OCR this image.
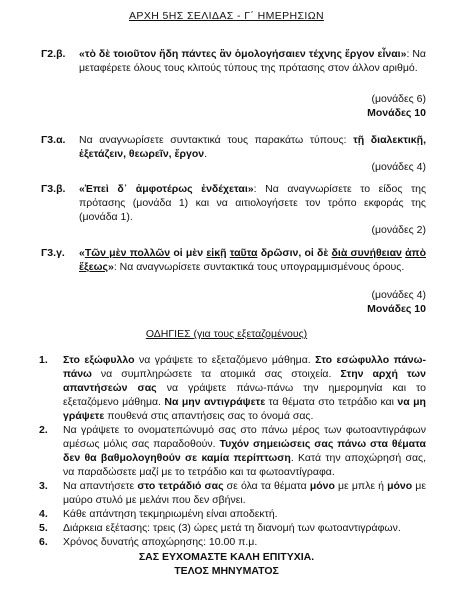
ΑΡΧΗ 5ΗΣ ΣΕΛΙΔΑΣ - Γ΄ ΗΜΕΡΗΣΙΩΝ
Γ2.β. «τὸ δὲ τοιοῦτον ἤδη πάντες ἂν ὁμολογήσαιεν τέχνης ἔργον εἶναι»: Να μεταφέρετε όλους τους κλιτούς τύπους της πρότασης στον άλλον αριθμό.
(μονάδες 6)
Μονάδες 10
Γ3.α. Να αναγνωρίσετε συντακτικά τους παρακάτω τύπους: τῇ διαλεκτικῇ, ἐξετάζειν, θεωρεῖν, ἔργον.
(μονάδες 4)
Γ3.β. «Ἐπεὶ δ᾽ ἀμφοτέρως ἐνδέχεται»: Να αναγνωρίσετε το είδος της πρότασης (μονάδα 1) και να αιτιολογήσετε τον τρόπο εκφοράς της (μονάδα 1).
(μονάδες 2)
Γ3.γ. «Τῶν μὲν πολλῶν οἱ μὲν εἰκῇ ταῦτα δρῶσιν, οἱ δὲ διὰ συνήθειαν ἀπὸ ἕξεως»: Να αναγνωρίσετε συντακτικά τους υπογραμμισμένους όρους.
(μονάδες 4)
Μονάδες 10
ΟΔΗΓΙΕΣ (για τους εξεταζομένους)
1. Στο εξώφυλλο να γράψετε το εξεταζόμενο μάθημα. Στο εσώφυλλο πάνω-πάνω να συμπληρώσετε τα ατομικά σας στοιχεία. Στην αρχή των απαντήσεών σας να γράψετε πάνω-πάνω την ημερομηνία και το εξεταζόμενο μάθημα. Να μην αντιγράψετε τα θέματα στο τετράδιο και να μη γράψετε πουθενά στις απαντήσεις σας το όνομά σας.
2. Να γράψετε το ονοματεπώνυμό σας στο πάνω μέρος των φωτοαντιγράφων αμέσως μόλις σας παραδοθούν. Τυχόν σημειώσεις σας πάνω στα θέματα δεν θα βαθμολογηθούν σε καμία περίπτωση. Κατά την αποχώρησή σας, να παραδώσετε μαζί με το τετράδιο και τα φωτοαντίγραφα.
3. Να απαντήσετε στο τετράδιό σας σε όλα τα θέματα μόνο με μπλε ή μόνο με μαύρο στυλό με μελάνι που δεν σβήνει.
4. Κάθε απάντηση τεκμηριωμένη είναι αποδεκτή.
5. Διάρκεια εξέτασης: τρεις (3) ώρες μετά τη διανομή των φωτοαντιγράφων.
6. Χρόνος δυνατής αποχώρησης: 10.00 π.μ.
ΣΑΣ ΕΥΧΟΜΑΣΤΕ ΚΑΛΗ ΕΠΙΤΥΧΙΑ.
ΤΕΛΟΣ ΜΗΝΥΜΑΤΟΣ
